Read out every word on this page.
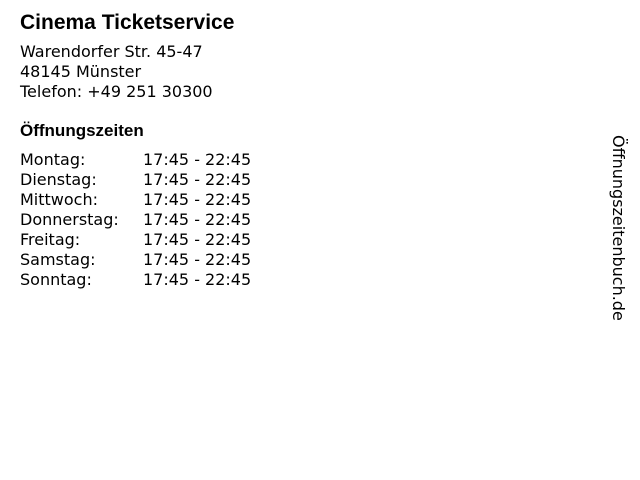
Cinema Ticketservice
Warendorfer Str. 45-47
48145 Münster
Telefon: +49 251 30300
Öffnungszeiten
Montag:	17:45 - 22:45
Dienstag:	17:45 - 22:45
Mittwoch:	17:45 - 22:45
Donnerstag:	17:45 - 22:45
Freitag:	17:45 - 22:45
Samstag:	17:45 - 22:45
Sonntag:	17:45 - 22:45	Öffnungszeitenbuch.de
